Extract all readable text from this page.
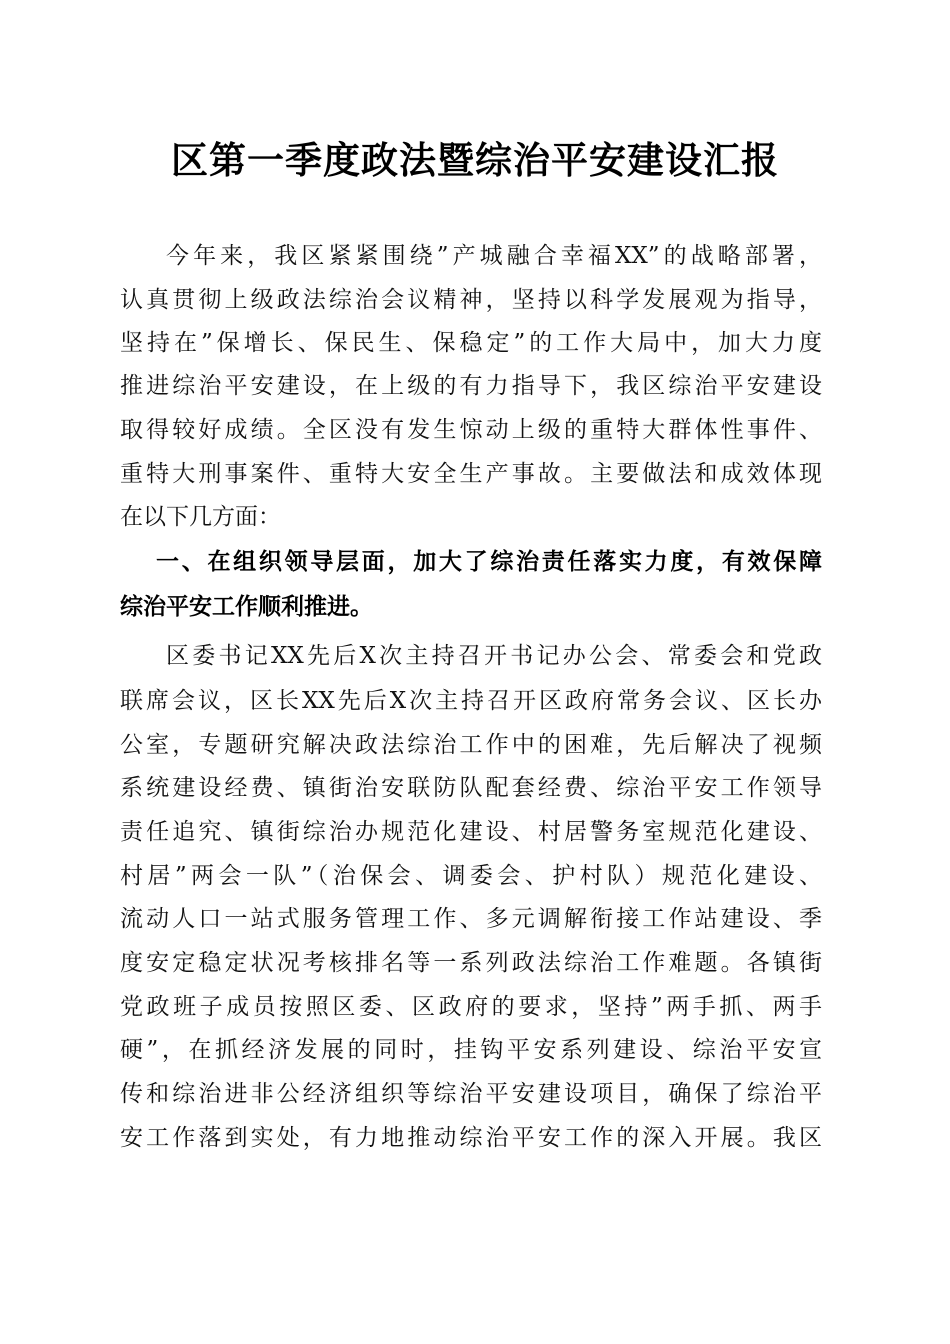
区第一季度政法暨综治平安建设汇报
今年来，我区紧紧围绕”产城融合幸福XX”的战略部署，
认真贯彻上级政法综治会议精神，坚持以科学发展观为指导，
坚持在”保增长、保民生、保稳定”的工作大局中，加大力度
推进综治平安建设，在上级的有力指导下，我区综治平安建设
取得较好成绩。全区没有发生惊动上级的重特大群体性事件、
重特大刑事案件、重特大安全生产事故。主要做法和成效体现
在以下几方面：
一、在组织领导层面，加大了综治责任落实力度，有效保障
综治平安工作顺利推进。
区委书记XX先后X次主持召开书记办公会、常委会和党政
联席会议，区长XX先后X次主持召开区政府常务会议、区长办
公室，专题研究解决政法综治工作中的困难，先后解决了视频
系统建设经费、镇街治安联防队配套经费、综治平安工作领导
责任追究、镇街综治办规范化建设、村居警务室规范化建设、
村居”两会一队”（治保会、调委会、护村队）规范化建设、
流动人口一站式服务管理工作、多元调解衔接工作站建设、季
度安定稳定状况考核排名等一系列政法综治工作难题。各镇街
党政班子成员按照区委、区政府的要求，坚持”两手抓、两手
硬”，在抓经济发展的同时，挂钩平安系列建设、综治平安宣
传和综治进非公经济组织等综治平安建设项目，确保了综治平
安工作落到实处，有力地推动综治平安工作的深入开展。我区
